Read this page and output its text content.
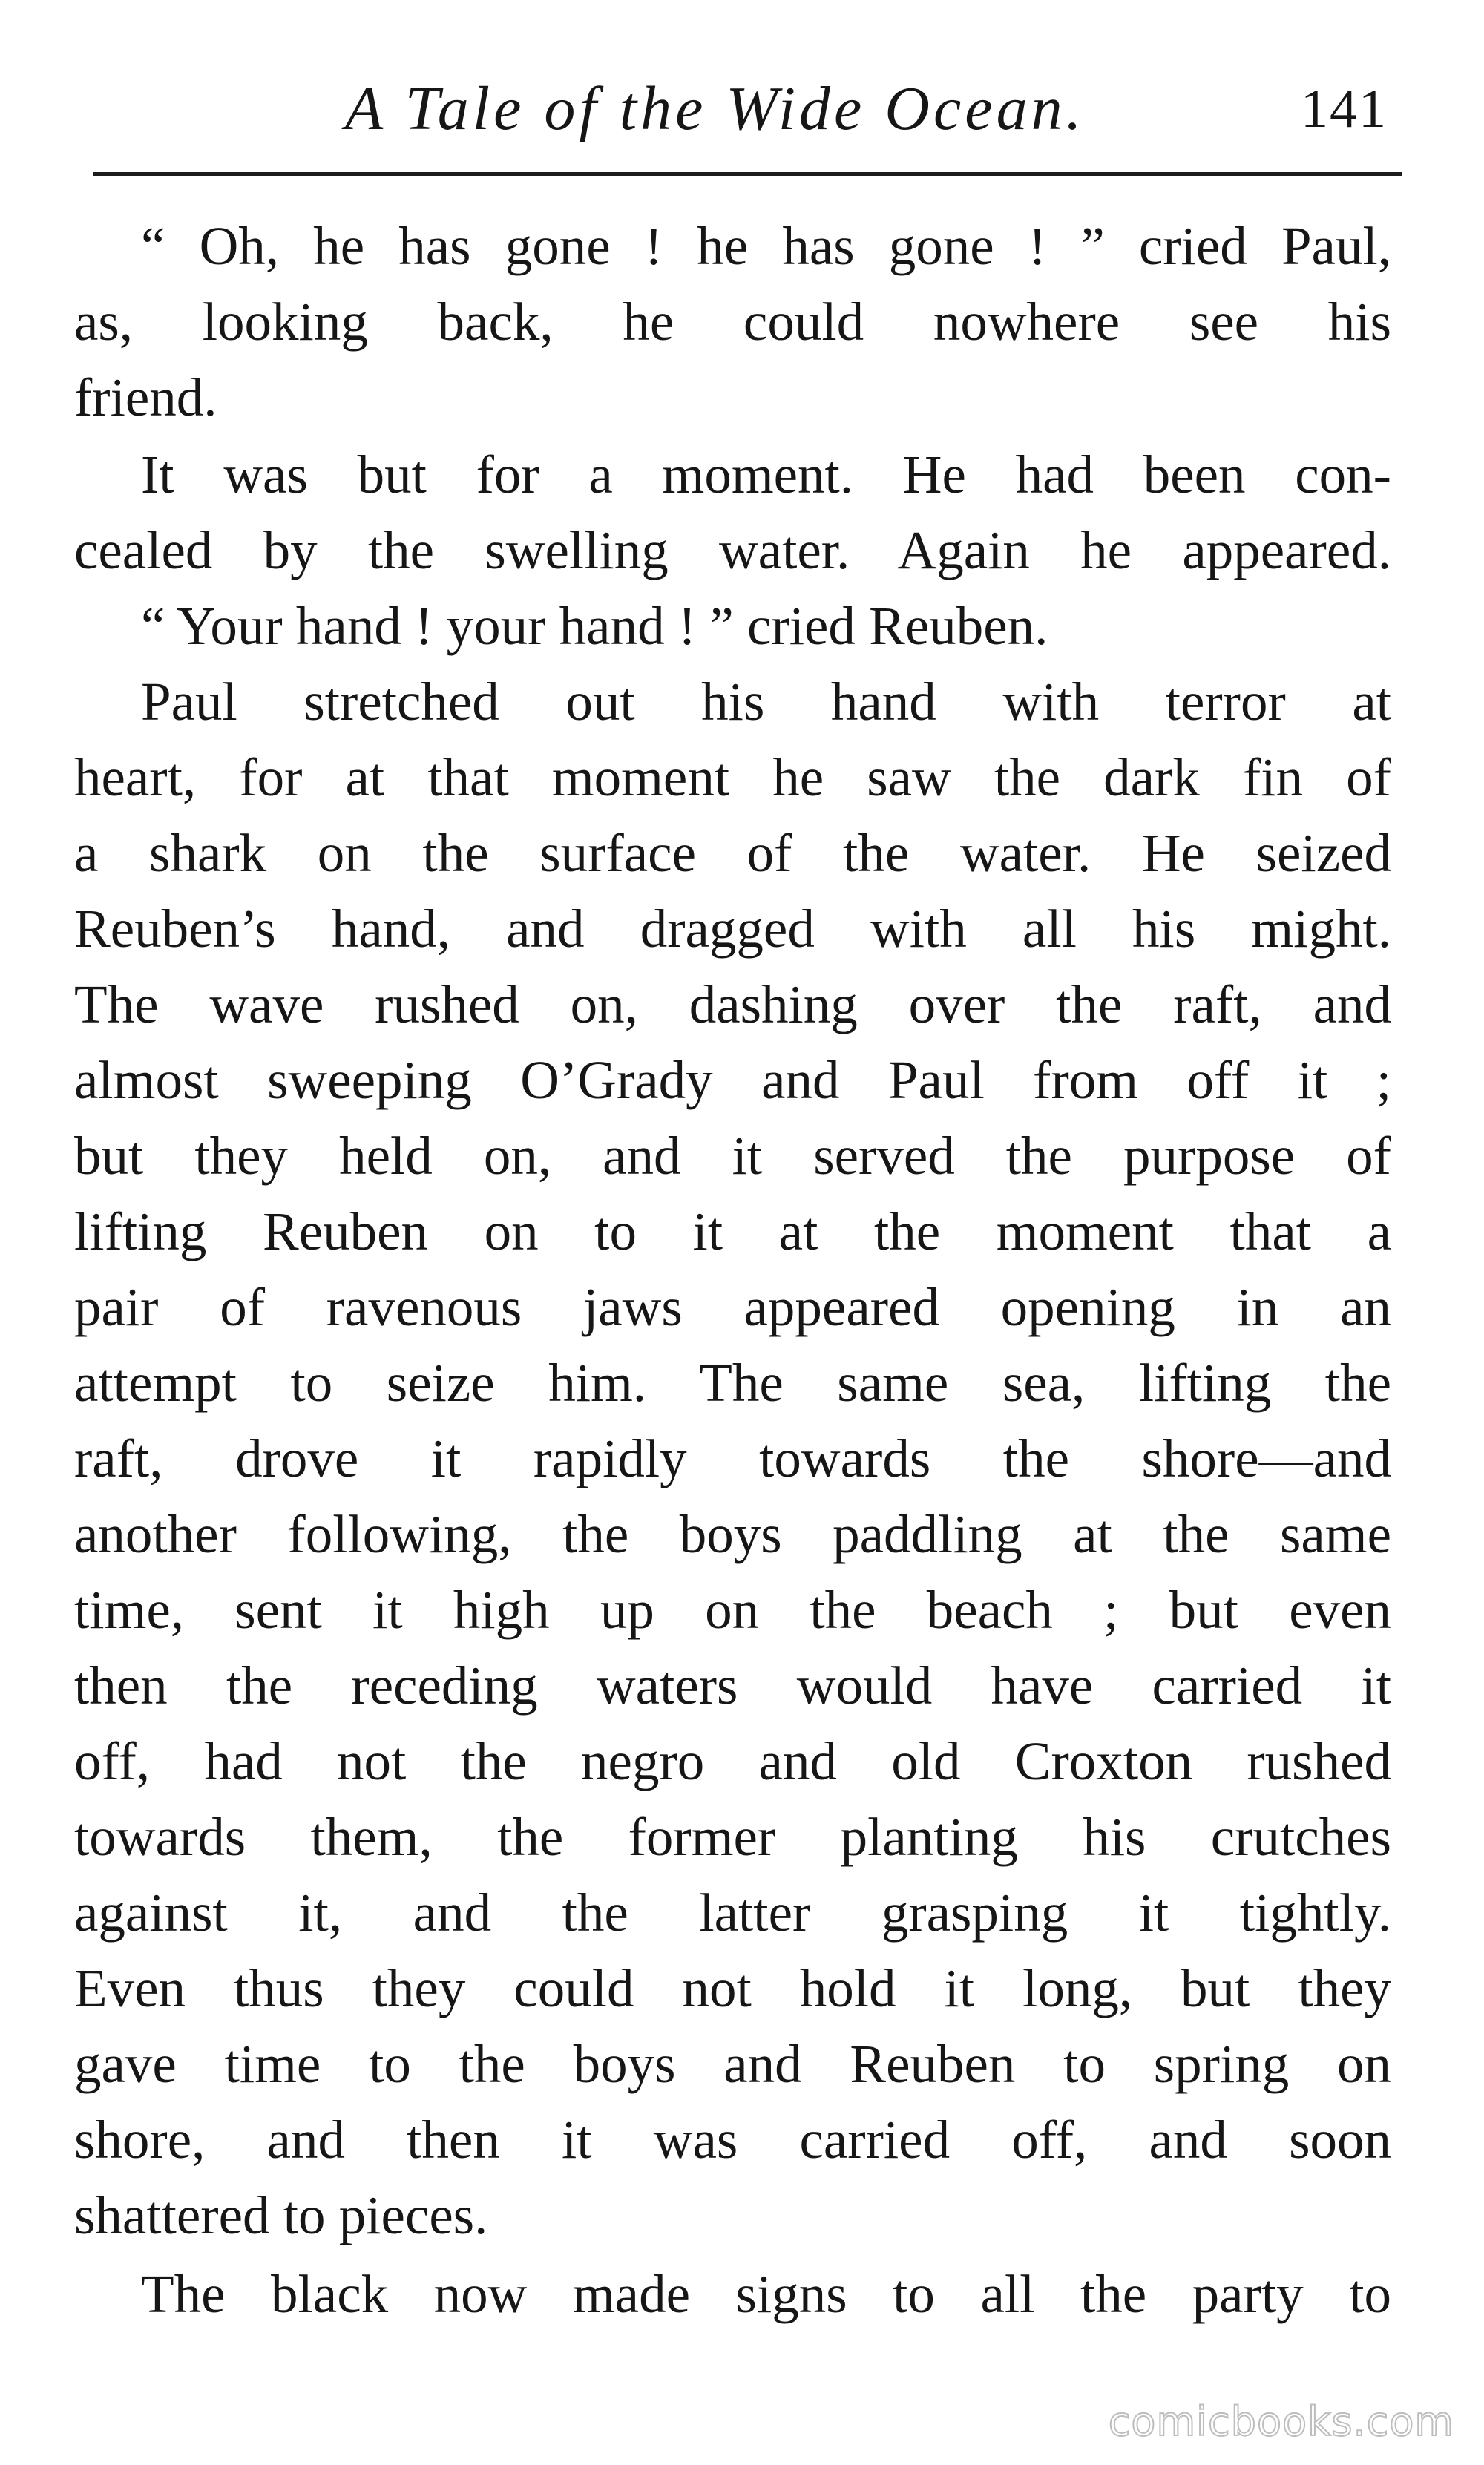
A Tale of the Wide Ocean.	141
“ Oh, he has gone ! he has gone ! ” cried Paul,
as, looking back, he could nowhere see his
friend.
It was but for a moment. He had been con-
cealed by the swelling water. Again he appeared.
“ Your hand ! your hand ! ” cried Reuben.
Paul stretched out his hand with terror at
heart, for at that moment he saw the dark fin of
a shark on the surface of the water. He seized
Reuben’s hand, and dragged with all his might.
The wave rushed on, dashing over the raft, and
almost sweeping O’Grady and Paul from off it ;
but they held on, and it served the purpose of
lifting Reuben on to it at the moment that a
pair of ravenous jaws appeared opening in an
attempt to seize him. The same sea, lifting the
raft, drove it rapidly towards the shore—and
another following, the boys paddling at the same
time, sent it high up on the beach ; but even
then the receding waters would have carried it
off, had not the negro and old Croxton rushed
towards them, the former planting his crutches
against it, and the latter grasping it tightly.
Even thus they could not hold it long, but they
gave time to the boys and Reuben to spring on
shore, and then it was carried off, and soon
shattered to pieces.
The black now made signs to all the party to
comicbooks.com
